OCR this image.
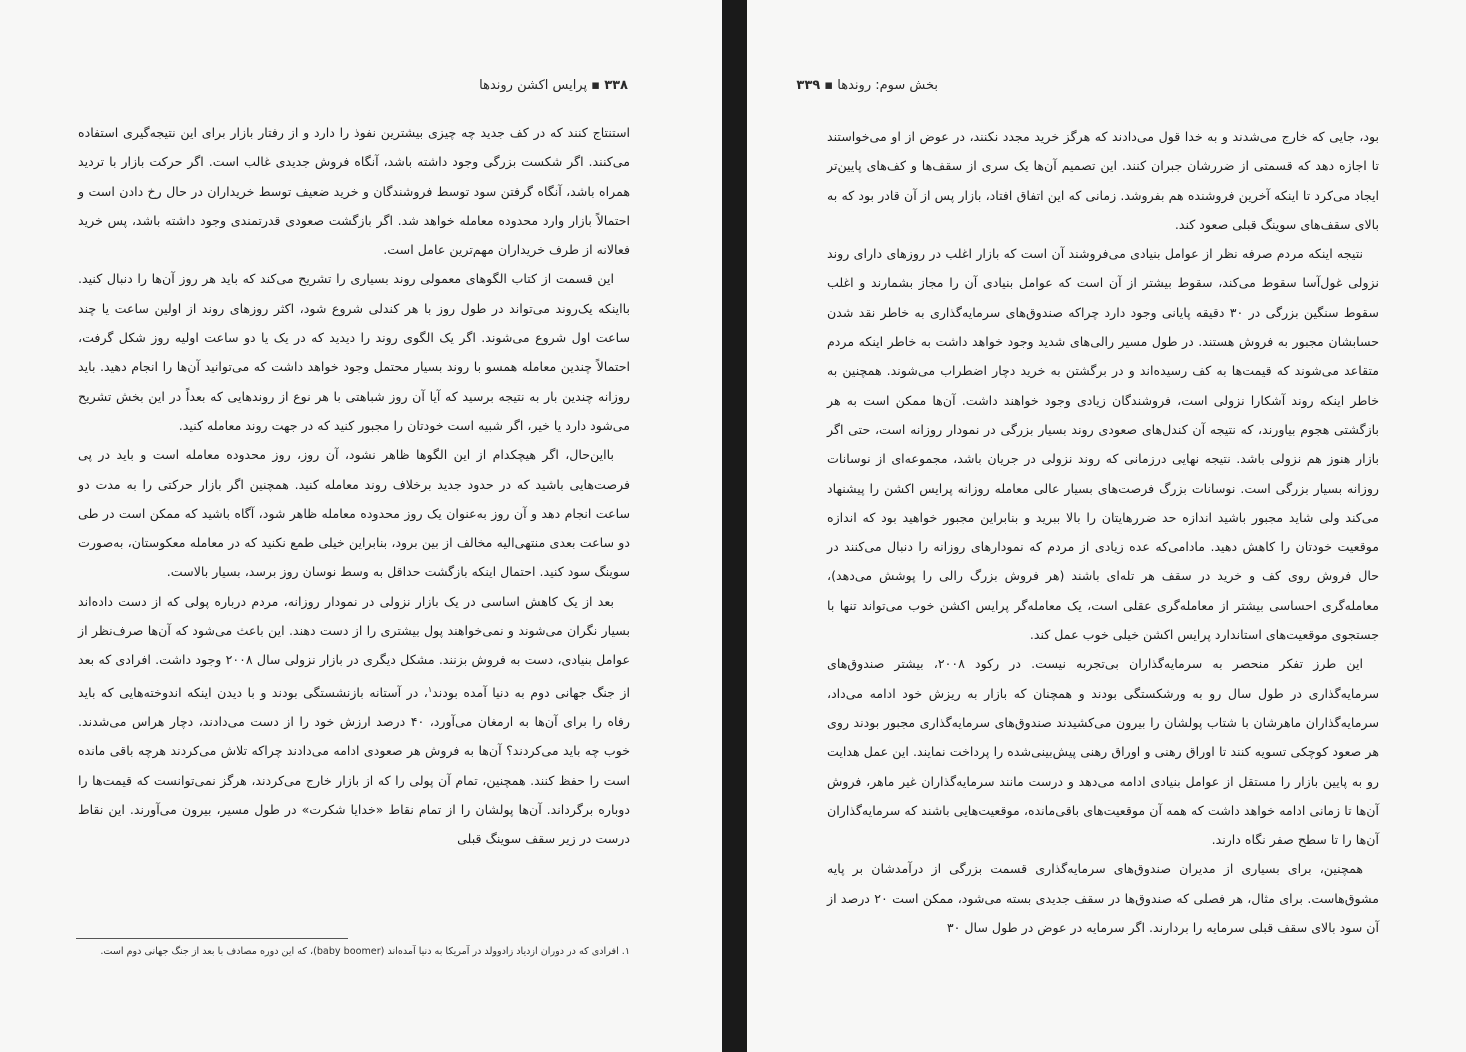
۳۳۸ ▪ پرایس اکشن روندها

استنتاج کنند که در کف جدید چه چیزی بیشترین نفوذ را دارد و از رفتار بازار برای این نتیجه‌گیری استفاده می‌کنند. اگر شکست بزرگی وجود داشته باشد، آنگاه فروش جدیدی غالب است. اگر حرکت بازار با تردید همراه باشد، آنگاه گرفتن سود توسط فروشندگان و خرید ضعیف توسط خریداران در حال رخ دادن است و احتمالاً بازار وارد محدوده معامله خواهد شد. اگر بازگشت صعودی قدرتمندی وجود داشته باشد، پس خرید فعالانه از طرف خریداران مهم‌ترین عامل است.

این قسمت از کتاب الگوهای معمولی روند بسیاری را تشریح می‌کند که باید هر روز آن‌ها را دنبال کنید. بااینکه یک‌روند می‌تواند در طول روز با هر کندلی شروع شود، اکثر روزهای روند از اولین ساعت یا چند ساعت اول شروع می‌شوند. اگر یک الگوی روند را دیدید که در یک یا دو ساعت اولیه روز شکل گرفت، احتمالاً چندین معامله همسو با روند بسیار محتمل وجود خواهد داشت که می‌توانید آن‌ها را انجام دهید. باید روزانه چندین بار به نتیجه برسید که آیا آن روز شباهتی با هر نوع از روندهایی که بعداً در این بخش تشریح می‌شود دارد یا خیر، اگر شبیه است خودتان را مجبور کنید که در جهت روند معامله کنید.

بااین‌حال، اگر هیچکدام از این الگوها ظاهر نشود، آن روز، روز محدوده معامله است و باید در پی فرصت‌هایی باشید که در حدود جدید برخلاف روند معامله کنید. همچنین اگر بازار حرکتی را به مدت دو ساعت انجام دهد و آن روز به‌عنوان یک روز محدوده معامله ظاهر شود، آگاه باشید که ممکن است در طی دو ساعت بعدی منتهی‌الیه مخالف از بین برود، بنابراین خیلی طمع نکنید که در معامله معکوستان، به‌صورت سوینگ سود کنید. احتمال اینکه بازگشت حداقل به وسط نوسان روز برسد، بسیار بالاست.

بعد از یک کاهش اساسی در یک بازار نزولی در نمودار روزانه، مردم درباره پولی که از دست داده‌اند بسیار نگران می‌شوند و نمی‌خواهند پول بیشتری را از دست دهند. این باعث می‌شود که آن‌ها صرف‌نظر از عوامل بنیادی، دست به فروش بزنند. مشکل دیگری در بازار نزولی سال ۲۰۰۸ وجود داشت. افرادی که بعد از جنگ جهانی دوم به دنیا آمده بودند$^۱$، در آستانه بازنشستگی بودند و با دیدن اینکه اندوخته‌هایی که باید رفاه را برای آن‌ها به ارمغان می‌آورد، ۴۰ درصد ارزش خود را از دست می‌دادند، دچار هراس می‌شدند. خوب چه باید می‌کردند؟ آن‌ها به فروش هر صعودی ادامه می‌دادند چراکه تلاش می‌کردند هرچه باقی مانده است را حفظ کنند. همچنین، تمام آن پولی را که از بازار خارج می‌کردند، هرگز نمی‌توانست که قیمت‌ها را دوباره برگرداند. آن‌ها پولشان را از تمام نقاط «خدایا شکرت» در طول مسیر، بیرون می‌آورند. این نقاط درست در زیر سقف سوینگ قبلی

۱. افرادی که در دوران ازدیاد زادوولد در آمریکا به دنیا آمده‌اند (baby boomer)، که این دوره مصادف با بعد از جنگ جهانی دوم است.
بخش سوم: روندها ▪ ۳۳۹

بود، جایی که خارج می‌شدند و به خدا قول می‌دادند که هرگز خرید مجدد نکنند، در عوض از او می‌خواستند تا اجازه دهد که قسمتی از ضررشان جبران کنند. این تصمیم آن‌ها یک سری از سقف‌ها و کف‌های پایین‌تر ایجاد می‌کرد تا اینکه آخرین فروشنده هم بفروشد. زمانی که این اتفاق افتاد، بازار پس از آن قادر بود که به بالای سقف‌های سوینگ قبلی صعود کند.

نتیجه اینکه مردم صرفه نظر از عوامل بنیادی می‌فروشند آن است که بازار اغلب در روزهای دارای روند نزولی غول‌آسا سقوط می‌کند، سقوط بیشتر از آن است که عوامل بنیادی آن را مجاز بشمارند و اغلب سقوط سنگین بزرگی در ۳۰ دقیقه پایانی وجود دارد چراکه صندوق‌های سرمایه‌گذاری به خاطر نقد شدن حسابشان مجبور به فروش هستند. در طول مسیر رالی‌های شدید وجود خواهد داشت به خاطر اینکه مردم متقاعد می‌شوند که قیمت‌ها به کف رسیده‌اند و در برگشتن به خرید دچار اضطراب می‌شوند. همچنین به خاطر اینکه روند آشکارا نزولی است، فروشندگان زیادی وجود خواهند داشت. آن‌ها ممکن است به هر بازگشتی هجوم بیاورند، که نتیجه آن کندل‌های صعودی روند بسیار بزرگی در نمودار روزانه است، حتی اگر بازار هنوز هم نزولی باشد. نتیجه نهایی درزمانی که روند نزولی در جریان باشد، مجموعه‌ای از نوسانات روزانه بسیار بزرگی است. نوسانات بزرگ فرصت‌های بسیار عالی معامله روزانه پرایس اکشن را پیشنهاد می‌کند ولی شاید مجبور باشید اندازه حد ضررهایتان را بالا ببرید و بنابراین مجبور خواهید بود که اندازه موقعیت خودتان را کاهش دهید. مادامی‌که عده زیادی از مردم که نمودارهای روزانه را دنبال می‌کنند در حال فروش روی کف و خرید در سقف هر تله‌ای باشند (هر فروش بزرگ رالی را پوشش می‌دهد)، معامله‌گری احساسی بیشتر از معامله‌گری عقلی است، یک معامله‌گر پرایس اکشن خوب می‌تواند تنها با جستجوی موقعیت‌های استاندارد پرایس اکشن خیلی خوب عمل کند.

این طرز تفکر منحصر به سرمایه‌گذاران بی‌تجربه نیست. در رکود ۲۰۰۸، بیشتر صندوق‌های سرمایه‌گذاری در طول سال رو به ورشکستگی بودند و همچنان که بازار به ریزش خود ادامه می‌داد، سرمایه‌گذاران ماهرشان با شتاب پولشان را بیرون می‌کشیدند صندوق‌های سرمایه‌گذاری مجبور بودند روی هر صعود کوچکی تسویه کنند تا اوراق رهنی و اوراق رهنی پیش‌بینی‌شده را پرداخت نمایند. این عمل هدایت رو به پایین بازار را مستقل از عوامل بنیادی ادامه می‌دهد و درست مانند سرمایه‌گذاران غیر ماهر، فروش آن‌ها تا زمانی ادامه خواهد داشت که همه آن موقعیت‌های باقی‌مانده، موقعیت‌هایی باشند که سرمایه‌گذاران آن‌ها را تا سطح صفر نگاه دارند.

همچنین، برای بسیاری از مدیران صندوق‌های سرمایه‌گذاری قسمت بزرگی از درآمدشان بر پایه مشوق‌هاست. برای مثال، هر فصلی که صندوق‌ها در سقف جدیدی بسته می‌شود، ممکن است ۲۰ درصد از آن سود بالای سقف قبلی سرمایه را بردارند. اگر سرمایه در عوض در طول سال ۳۰
